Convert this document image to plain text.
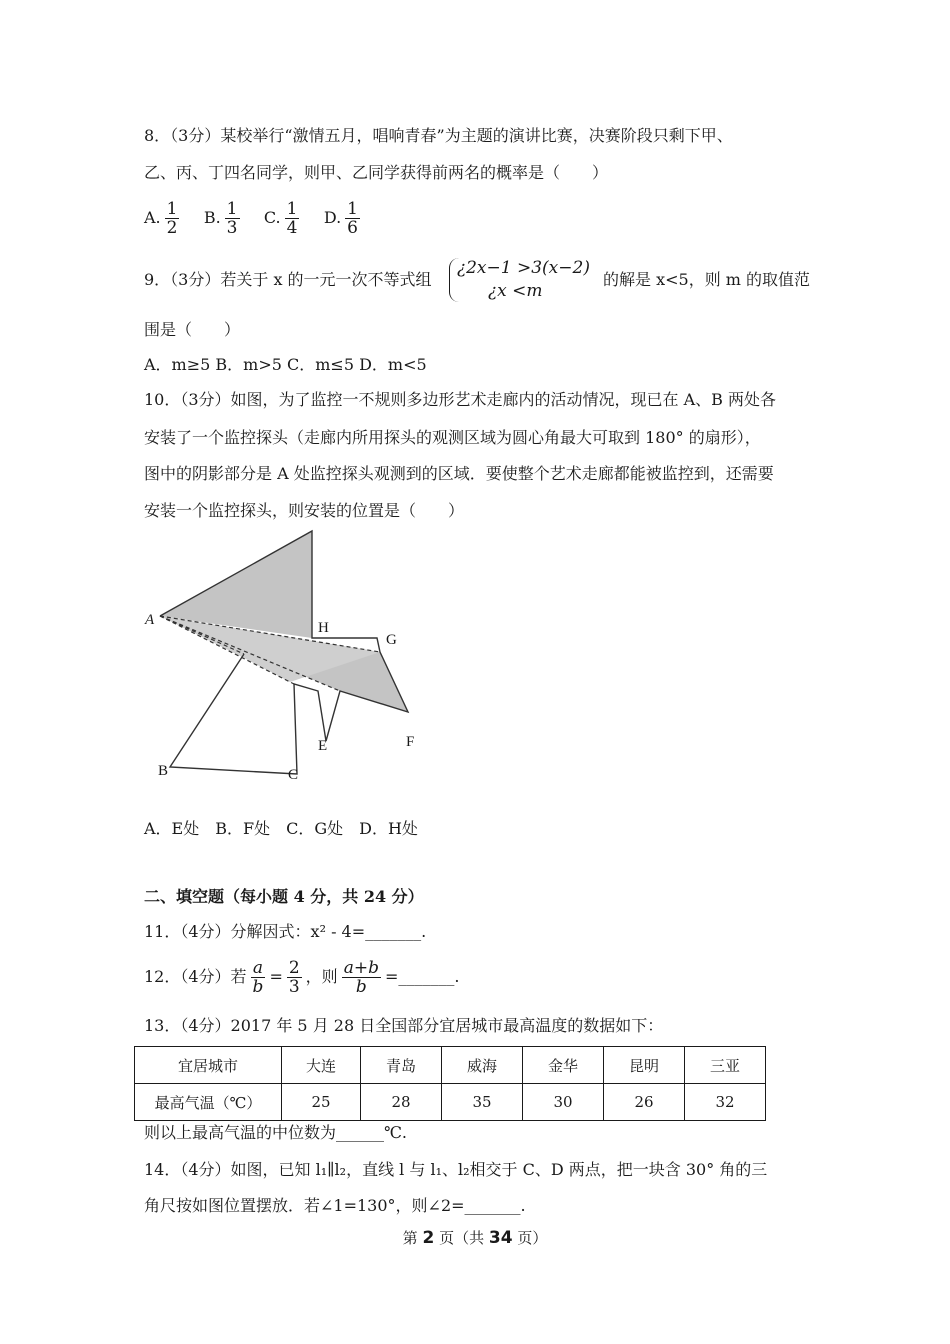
8．（3分）某校举行“激情五月，唱响青春”为主题的演讲比赛，决赛阶段只剩下甲、
乙、丙、丁四名同学，则甲、乙同学获得前两名的概率是（　　）
A. $\frac{1}{2} B$. $\frac{1}{3} C$. $\frac{1}{4} D$. $\frac{1}{6}$
9．（3分）若关于 x 的一元一次不等式组
¿2x−1 >3(x−2)
¿x <m
的解是 x<5，则 m 的取值范
围是（　　）
A．m≥5 B．m>5 C．m≤5 D．m<5
10．（3分）如图，为了监控一不规则多边形艺术走廊内的活动情况，现已在 A、B 两处各
安装了一个监控探头（走廊内所用探头的观测区域为圆心角最大可取到 180° 的扇形），
图中的阴影部分是 A 处监控探头观测到的区域．要使整个艺术走廊都能被监控到，还需要
安装一个监控探头，则安装的位置是（　　）
A	H
G
E	F
B	C
A．E处　B．F处　C．G处　D．H处
二、填空题（每小题 4 分，共 24 分）
11．（4分）分解因式：x² - 4=_______.
12．（4分）若 $\frac{a}{b} = \frac{2}{3}$ ，则 $\frac{a+b}{b}$ =_______.
13．（4分）2017 年 5 月 28 日全国部分宜居城市最高温度的数据如下：
宜居城市	大连	青岛	威海	金华	昆明	三亚
最高气温（℃）	25	28	35	30	26	32
则以上最高气温的中位数为______℃.
14．（4分）如图，已知 l₁∥l₂，直线 l 与 l₁、l₂相交于 C、D 两点，把一块含 30° 角的三
角尺按如图位置摆放．若∠1=130°，则∠2=_______.
第 2 页（共 34 页）
